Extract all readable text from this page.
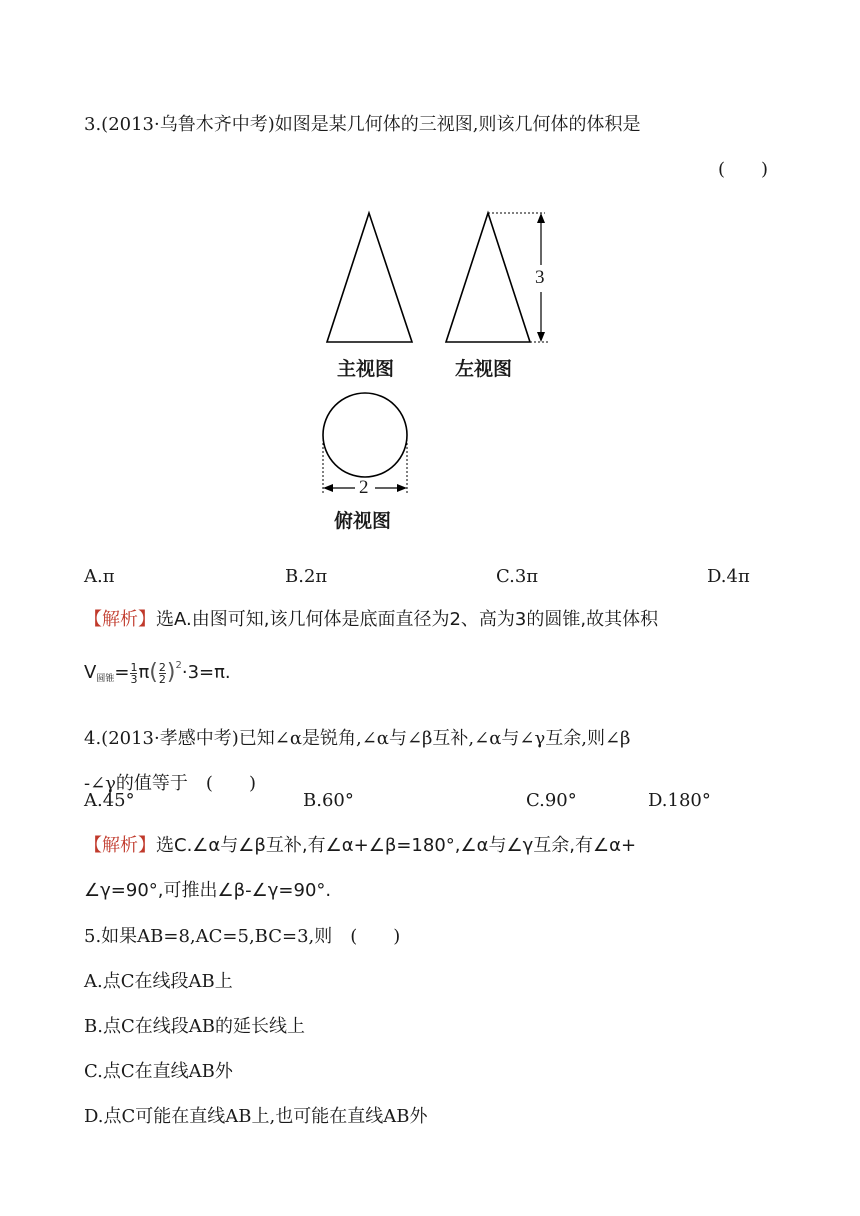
3.(2013·乌鲁木齐中考)如图是某几何体的三视图,则该几何体的体积是
(　　)
3
2
主视图	左视图
俯视图
A.π	B.2π	C.3π	D.4π
【解析】选A.由图可知,该几何体是底面直径为2、高为3的圆锥,故其体积
$V_{圆锥}= \frac{1}{3} \pi( \frac{2}{2} )^2\cdot 3=\pi$.
4.(2013·孝感中考)已知∠α是锐角,∠α与∠β互补,∠α与∠γ互余,则∠β
-∠γ的值等于　(　　)
A.45°	B.60°	C.90°	D.180°
【解析】选C.∠α与∠β互补,有∠α+∠β=180°,∠α与∠γ互余,有∠α+
∠γ=90°,可推出∠β-∠γ=90°.
5.如果AB=8,AC=5,BC=3,则　(　　)
A.点C在线段AB上
B.点C在线段AB的延长线上
C.点C在直线AB外
D.点C可能在直线AB上,也可能在直线AB外
